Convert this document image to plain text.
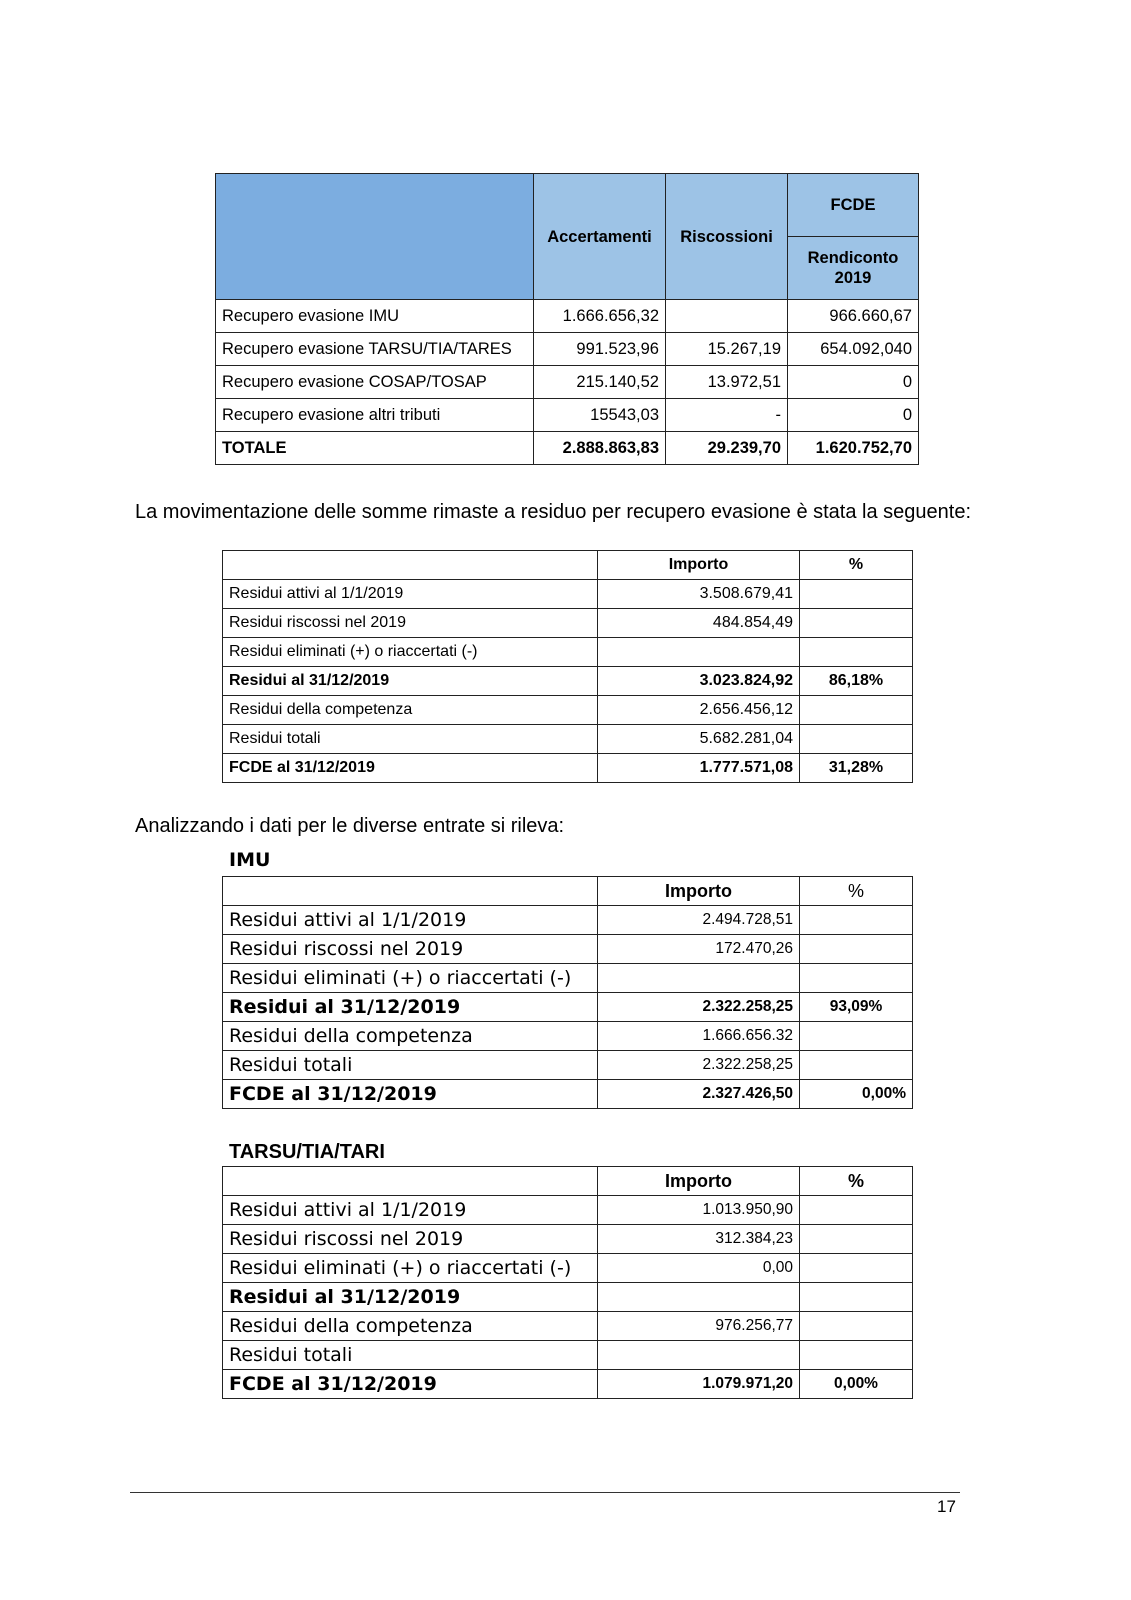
	Accertamenti	Riscossioni	FCDE
			Rendiconto 2019
Recupero evasione IMU	1.666.656,32		966.660,67
Recupero evasione TARSU/TIA/TARES	991.523,96	15.267,19	654.092,040
Recupero evasione COSAP/TOSAP	215.140,52	13.972,51	0
Recupero evasione altri tributi	15543,03	-	0
TOTALE	2.888.863,83	29.239,70	1.620.752,70
La movimentazione delle somme rimaste a residuo per recupero evasione è stata la seguente:
	Importo	%
Residui attivi al 1/1/2019	3.508.679,41	
Residui riscossi nel 2019	484.854,49	
Residui eliminati (+) o riaccertati (-)		
Residui al 31/12/2019	3.023.824,92	86,18%
Residui della competenza	2.656.456,12	
Residui totali	5.682.281,04	
FCDE al 31/12/2019	1.777.571,08	31,28%
Analizzando i dati per le diverse entrate si rileva:
IMU
	Importo	%
Residui attivi al 1/1/2019	2.494.728,51	
Residui riscossi nel 2019	172.470,26	
Residui eliminati (+) o riaccertati (-)		
Residui al 31/12/2019	2.322.258,25	93,09%
Residui della competenza	1.666.656.32	
Residui totali	2.322.258,25	
FCDE al 31/12/2019	2.327.426,50	0,00%
TARSU/TIA/TARI
	Importo	%
Residui attivi al 1/1/2019	1.013.950,90	
Residui riscossi nel 2019	312.384,23	
Residui eliminati (+) o riaccertati (-)	0,00	
Residui al 31/12/2019		
Residui della competenza	976.256,77	
Residui totali		
FCDE al 31/12/2019	1.079.971,20	0,00%
17
